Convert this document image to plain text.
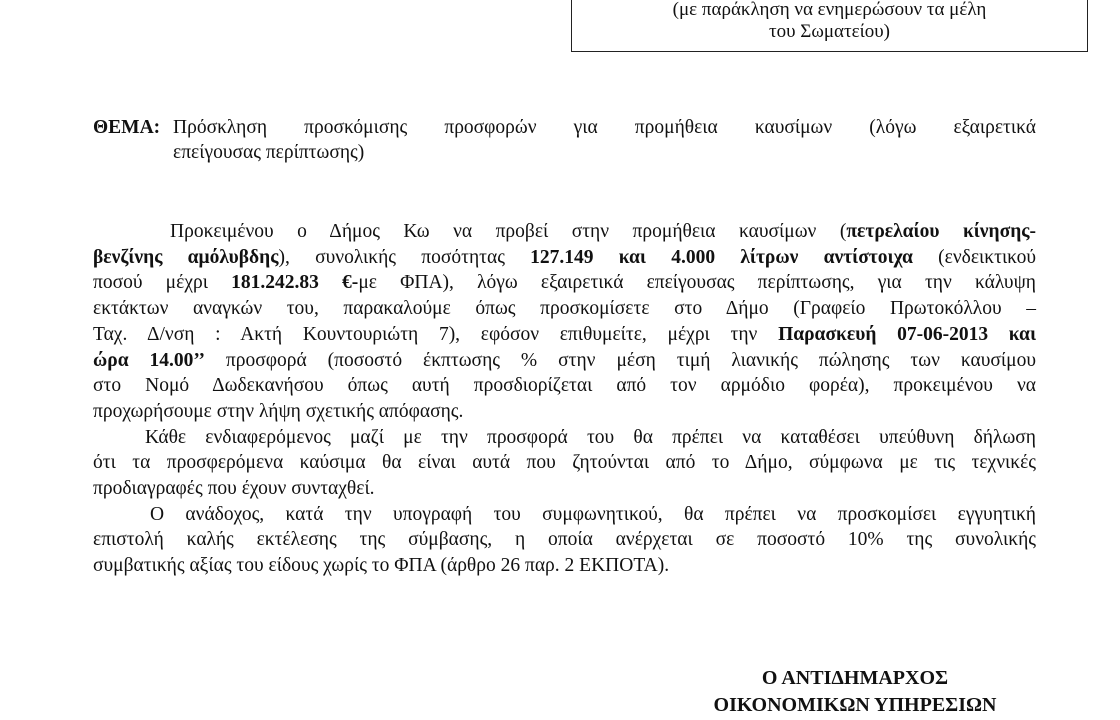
(με παράκληση να ενημερώσουν τα μέλη
του Σωματείου)
ΘΕΜΑ: Πρόσκληση προσκόμισης προσφορών για προμήθεια καυσίμων (λόγω εξαιρετικά
επείγουσας περίπτωσης)

Προκειμένου ο Δήμος Κω να προβεί στην προμήθεια καυσίμων (πετρελαίου κίνησης-
βενζίνης αμόλυβδης), συνολικής ποσότητας 127.149 και 4.000 λίτρων αντίστοιχα (ενδεικτικού
ποσού μέχρι 181.242.83 €-με ΦΠΑ), λόγω εξαιρετικά επείγουσας περίπτωσης, για την κάλυψη
εκτάκτων αναγκών του, παρακαλούμε όπως προσκομίσετε στο Δήμο (Γραφείο Πρωτοκόλλου –
Ταχ. Δ/νση : Ακτή Κουντουριώτη 7), εφόσον επιθυμείτε, μέχρι την Παρασκευή 07-06-2013 και
ώρα 14.00’’ προσφορά (ποσοστό έκπτωσης % στην μέση τιμή λιανικής πώλησης των καυσίμου
στο Νομό Δωδεκανήσου όπως αυτή προσδιορίζεται από τον αρμόδιο φορέα), προκειμένου να
προχωρήσουμε στην λήψη σχετικής απόφασης.

Κάθε ενδιαφερόμενος μαζί με την προσφορά του θα πρέπει να καταθέσει υπεύθυνη δήλωση
ότι τα προσφερόμενα καύσιμα θα είναι αυτά που ζητούνται από το Δήμο, σύμφωνα με τις τεχνικές
προδιαγραφές που έχουν συνταχθεί.

Ο ανάδοχος, κατά την υπογραφή του συμφωνητικού, θα πρέπει να προσκομίσει εγγυητική
επιστολή καλής εκτέλεσης της σύμβασης, η οποία ανέρχεται σε ποσοστό 10% της συνολικής
συμβατικής αξίας του είδους χωρίς το ΦΠΑ (άρθρο 26 παρ. 2 ΕΚΠΟΤΑ).

Ο ΑΝΤΙΔΗΜΑΡΧΟΣ
ΟΙΚΟΝΟΜΙΚΩΝ ΥΠΗΡΕΣΙΩΝ
